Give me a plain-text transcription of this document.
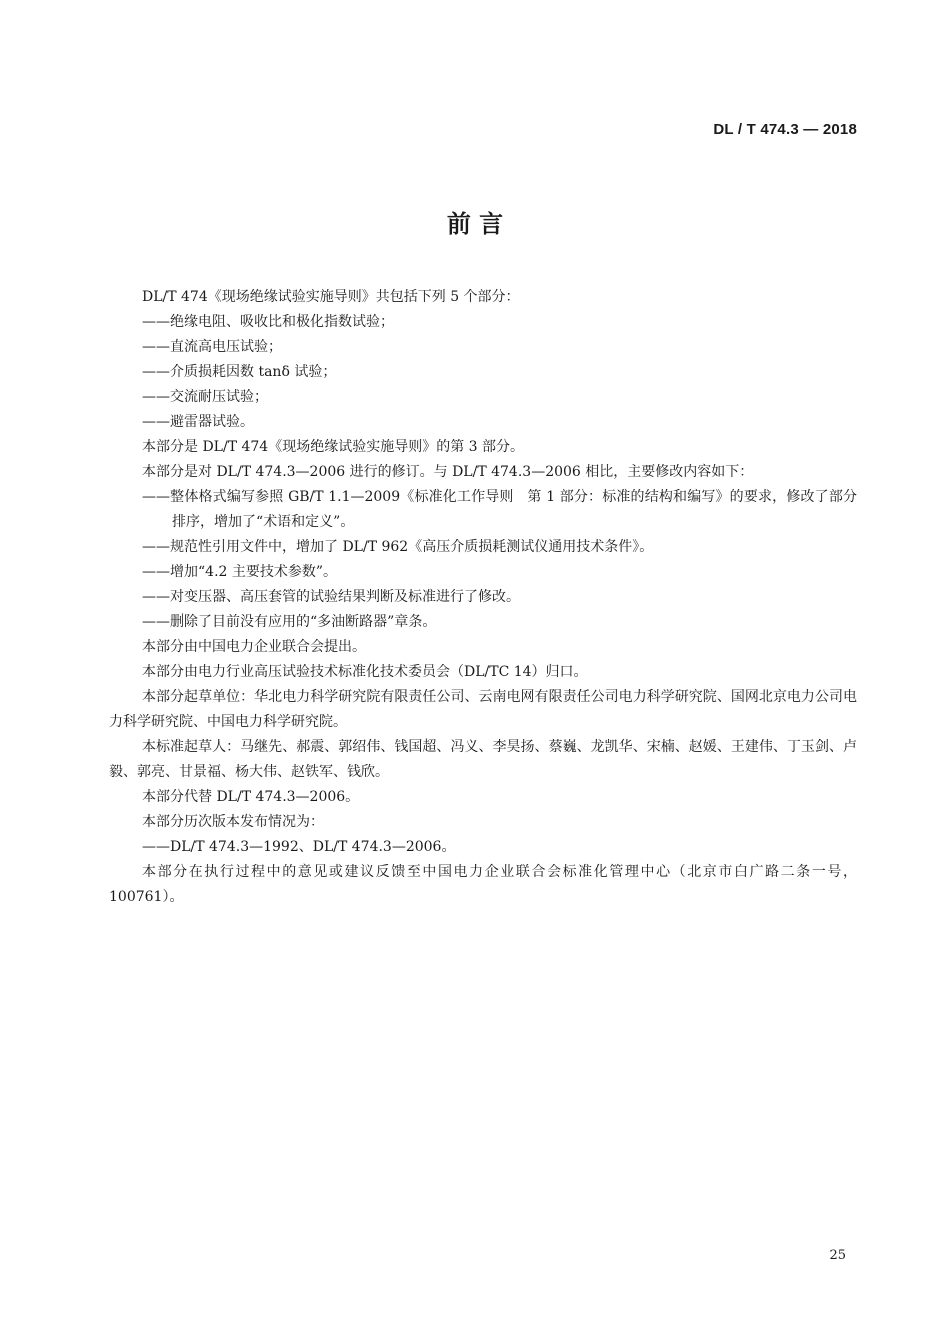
DL / T 474.3 — 2018
前 言

DL/T 474《现场绝缘试验实施导则》共包括下列 5 个部分：

——绝缘电阻、吸收比和极化指数试验；

——直流高电压试验；

——介质损耗因数 tanδ 试验；

——交流耐压试验；

——避雷器试验。

本部分是 DL/T 474《现场绝缘试验实施导则》的第 3 部分。

本部分是对 DL/T 474.3—2006 进行的修订。与 DL/T 474.3—2006 相比，主要修改内容如下：

——整体格式编写参照 GB/T 1.1—2009《标准化工作导则   第 1 部分：标准的结构和编写》的要求，修改了部分排序，增加了“术语和定义”。

——规范性引用文件中，增加了 DL/T 962《高压介质损耗测试仪通用技术条件》。

——增加“4.2 主要技术参数”。

——对变压器、高压套管的试验结果判断及标准进行了修改。

——删除了目前没有应用的“多油断路器”章条。

本部分由中国电力企业联合会提出。

本部分由电力行业高压试验技术标准化技术委员会（DL/TC 14）归口。

本部分起草单位：华北电力科学研究院有限责任公司、云南电网有限责任公司电力科学研究院、国网北京电力公司电力科学研究院、中国电力科学研究院。

本标准起草人：马继先、郝震、郭绍伟、钱国超、冯义、李昊扬、蔡巍、龙凯华、宋楠、赵媛、王建伟、丁玉剑、卢毅、郭亮、甘景福、杨大伟、赵铁军、钱欣。

本部分代替 DL/T 474.3—2006。

本部分历次版本发布情况为：

——DL/T 474.3—1992、DL/T 474.3—2006。

本部分在执行过程中的意见或建议反馈至中国电力企业联合会标准化管理中心（北京市白广路二条一号，100761）。

25
